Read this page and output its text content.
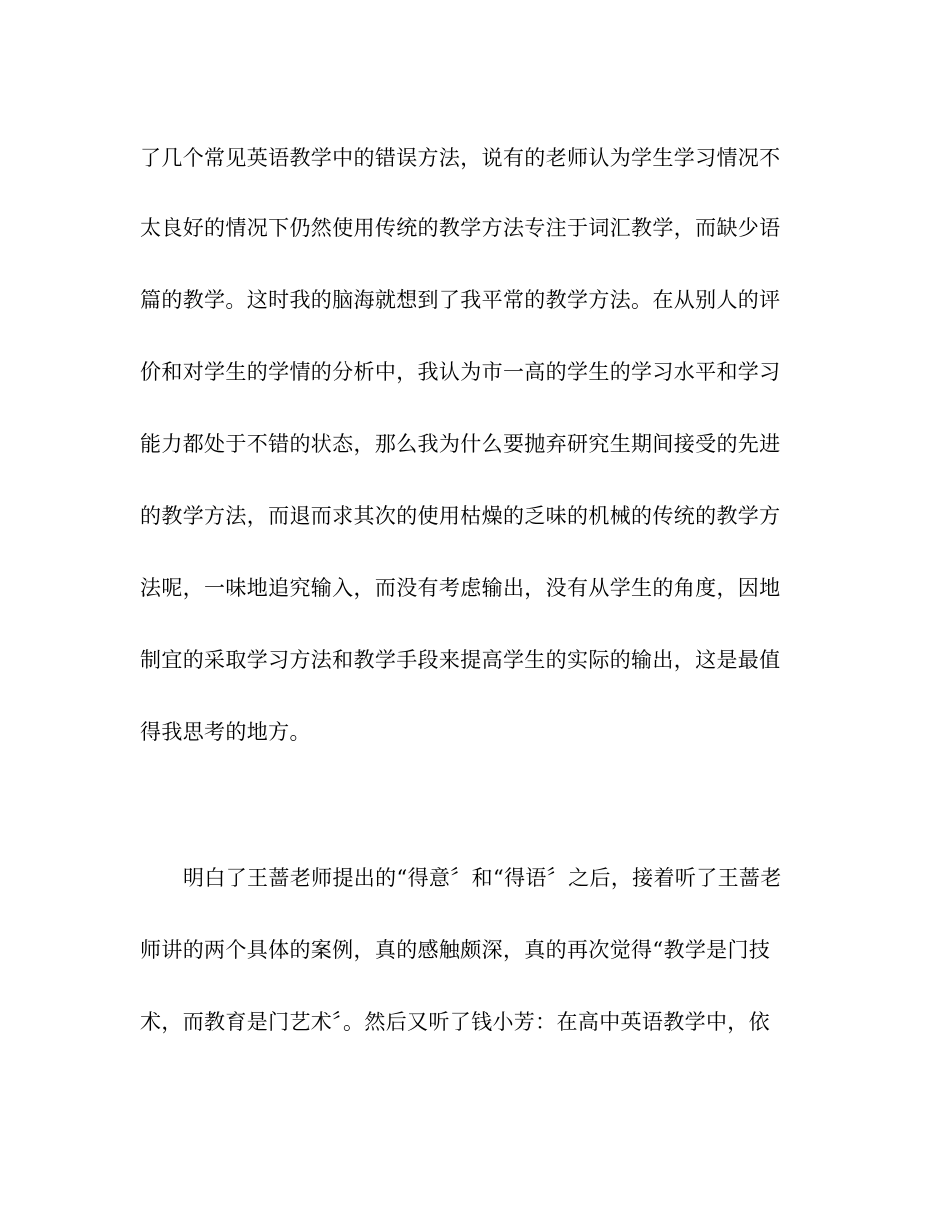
了几个常见英语教学中的错误方法，说有的老师认为学生学习情况不
太良好的情况下仍然使用传统的教学方法专注于词汇教学，而缺少语
篇的教学。这时我的脑海就想到了我平常的教学方法。在从别人的评
价和对学生的学情的分析中，我认为市一高的学生的学习水平和学习
能力都处于不错的状态，那么我为什么要抛弃研究生期间接受的先进
的教学方法，而退而求其次的使用枯燥的乏味的机械的传统的教学方
法呢，一味地追究输入，而没有考虑输出，没有从学生的角度，因地
制宜的采取学习方法和教学手段来提高学生的实际的输出，这是最值
得我思考的地方。
明白了王蔷老师提出的“得意〞和“得语〞之后，接着听了王蔷老
师讲的两个具体的案例，真的感触颇深，真的再次觉得“教学是门技
术，而教育是门艺术〞。然后又听了钱小芳：在高中英语教学中，依
